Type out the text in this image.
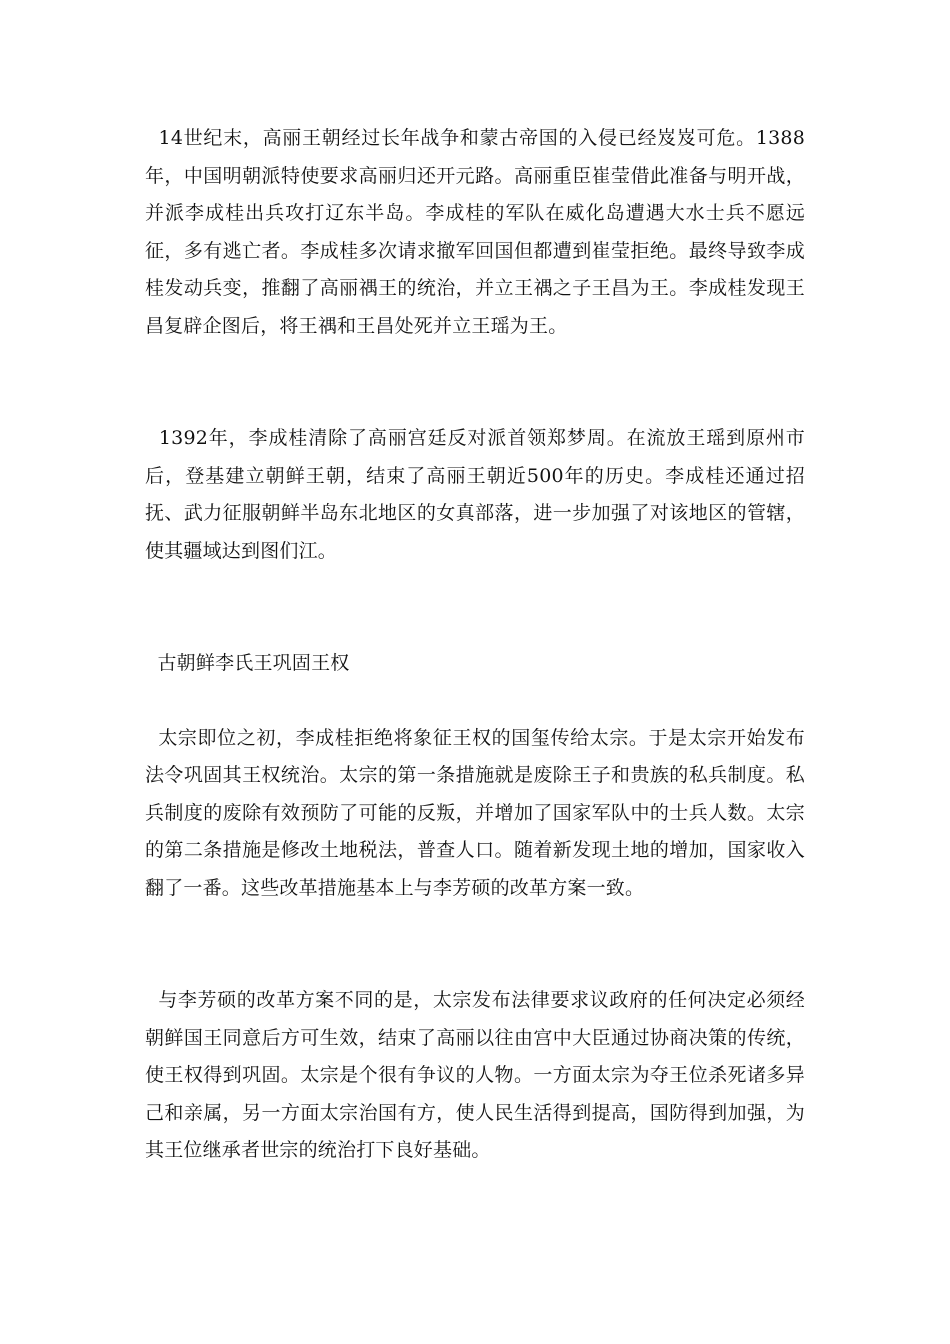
14世纪末，高丽王朝经过长年战争和蒙古帝国的入侵已经岌岌可危。1388年，中国明朝派特使要求高丽归还开元路。高丽重臣崔莹借此准备与明开战，并派李成桂出兵攻打辽东半岛。李成桂的军队在威化岛遭遇大水士兵不愿远征，多有逃亡者。李成桂多次请求撤军回国但都遭到崔莹拒绝。最终导致李成桂发动兵变，推翻了高丽禑王的统治，并立王禑之子王昌为王。李成桂发现王昌复辟企图后，将王禑和王昌处死并立王瑶为王。

1392年，李成桂清除了高丽宫廷反对派首领郑梦周。在流放王瑶到原州市后，登基建立朝鲜王朝，结束了高丽王朝近500年的历史。李成桂还通过招抚、武力征服朝鲜半岛东北地区的女真部落，进一步加强了对该地区的管辖，使其疆域达到图们江。

古朝鲜李氏王巩固王权

太宗即位之初，李成桂拒绝将象征王权的国玺传给太宗。于是太宗开始发布法令巩固其王权统治。太宗的第一条措施就是废除王子和贵族的私兵制度。私兵制度的废除有效预防了可能的反叛，并增加了国家军队中的士兵人数。太宗的第二条措施是修改土地税法，普查人口。随着新发现土地的增加，国家收入翻了一番。这些改革措施基本上与李芳硕的改革方案一致。

与李芳硕的改革方案不同的是，太宗发布法律要求议政府的任何决定必须经朝鲜国王同意后方可生效，结束了高丽以往由宫中大臣通过协商决策的传统，使王权得到巩固。太宗是个很有争议的人物。一方面太宗为夺王位杀死诸多异己和亲属，另一方面太宗治国有方，使人民生活得到提高，国防得到加强，为其王位继承者世宗的统治打下良好基础。
